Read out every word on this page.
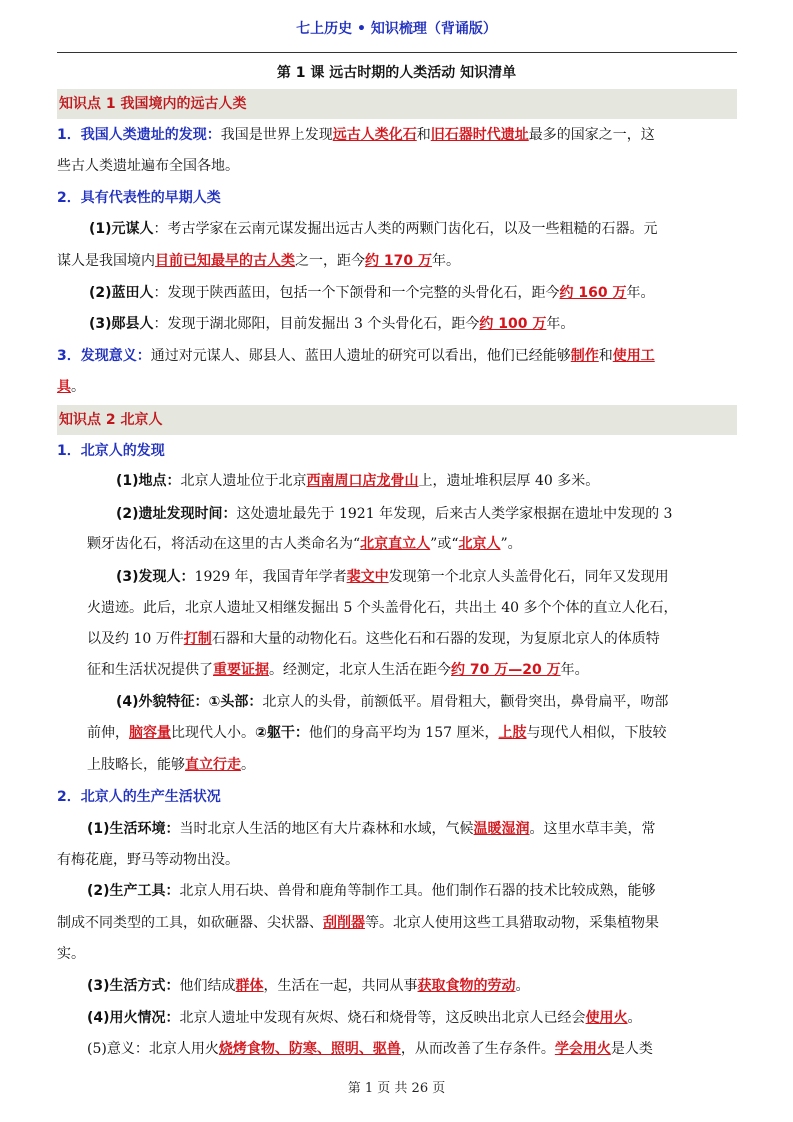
七上历史 • 知识梳理（背诵版）
第 1 课 远古时期的人类活动 知识清单
知识点 1 我国境内的远古人类
1．我国人类遗址的发现：我国是世界上发现远古人类化石和旧石器时代遗址最多的国家之一，这
些古人类遗址遍布全国各地。
2．具有代表性的早期人类
(1)元谋人：考古学家在云南元谋发掘出远古人类的两颗门齿化石，以及一些粗糙的石器。元
谋人是我国境内目前已知最早的古人类之一，距今约 170 万年。
(2)蓝田人：发现于陕西蓝田，包括一个下颌骨和一个完整的头骨化石，距今约 160 万年。
(3)郧县人：发现于湖北郧阳，目前发掘出 3 个头骨化石，距今约 100 万年。
3．发现意义：通过对元谋人、郧县人、蓝田人遗址的研究可以看出，他们已经能够制作和使用工
具。
知识点 2 北京人
1．北京人的发现
(1)地点：北京人遗址位于北京西南周口店龙骨山上，遗址堆积层厚 40 多米。
(2)遗址发现时间：这处遗址最先于 1921 年发现，后来古人类学家根据在遗址中发现的 3
颗牙齿化石，将活动在这里的古人类命名为“北京直立人”或“北京人”。
(3)发现人：1929 年，我国青年学者裴文中发现第一个北京人头盖骨化石，同年又发现用
火遗迹。此后，北京人遗址又相继发掘出 5 个头盖骨化石，共出土 40 多个个体的直立人化石，
以及约 10 万件打制石器和大量的动物化石。这些化石和石器的发现，为复原北京人的体质特
征和生活状况提供了重要证据。经测定，北京人生活在距今约 70 万—20 万年。
(4)外貌特征：①头部：北京人的头骨，前额低平。眉骨粗大，颧骨突出，鼻骨扁平，吻部
前伸，脑容量比现代人小。②躯干：他们的身高平均为 157 厘米，上肢与现代人相似，下肢较
上肢略长，能够直立行走。
2．北京人的生产生活状况
(1)生活环境：当时北京人生活的地区有大片森林和水域，气候温暖湿润。这里水草丰美，常
有梅花鹿，野马等动物出没。
(2)生产工具：北京人用石块、兽骨和鹿角等制作工具。他们制作石器的技术比较成熟，能够
制成不同类型的工具，如砍砸器、尖状器、刮削器等。北京人使用这些工具猎取动物，采集植物果
实。
(3)生活方式：他们结成群体，生活在一起，共同从事获取食物的劳动。
(4)用火情况：北京人遗址中发现有灰烬、烧石和烧骨等，这反映出北京人已经会使用火。
(5)意义：北京人用火烧烤食物、防寒、照明、驱兽，从而改善了生存条件。学会用火是人类
第 1 页 共 26 页
